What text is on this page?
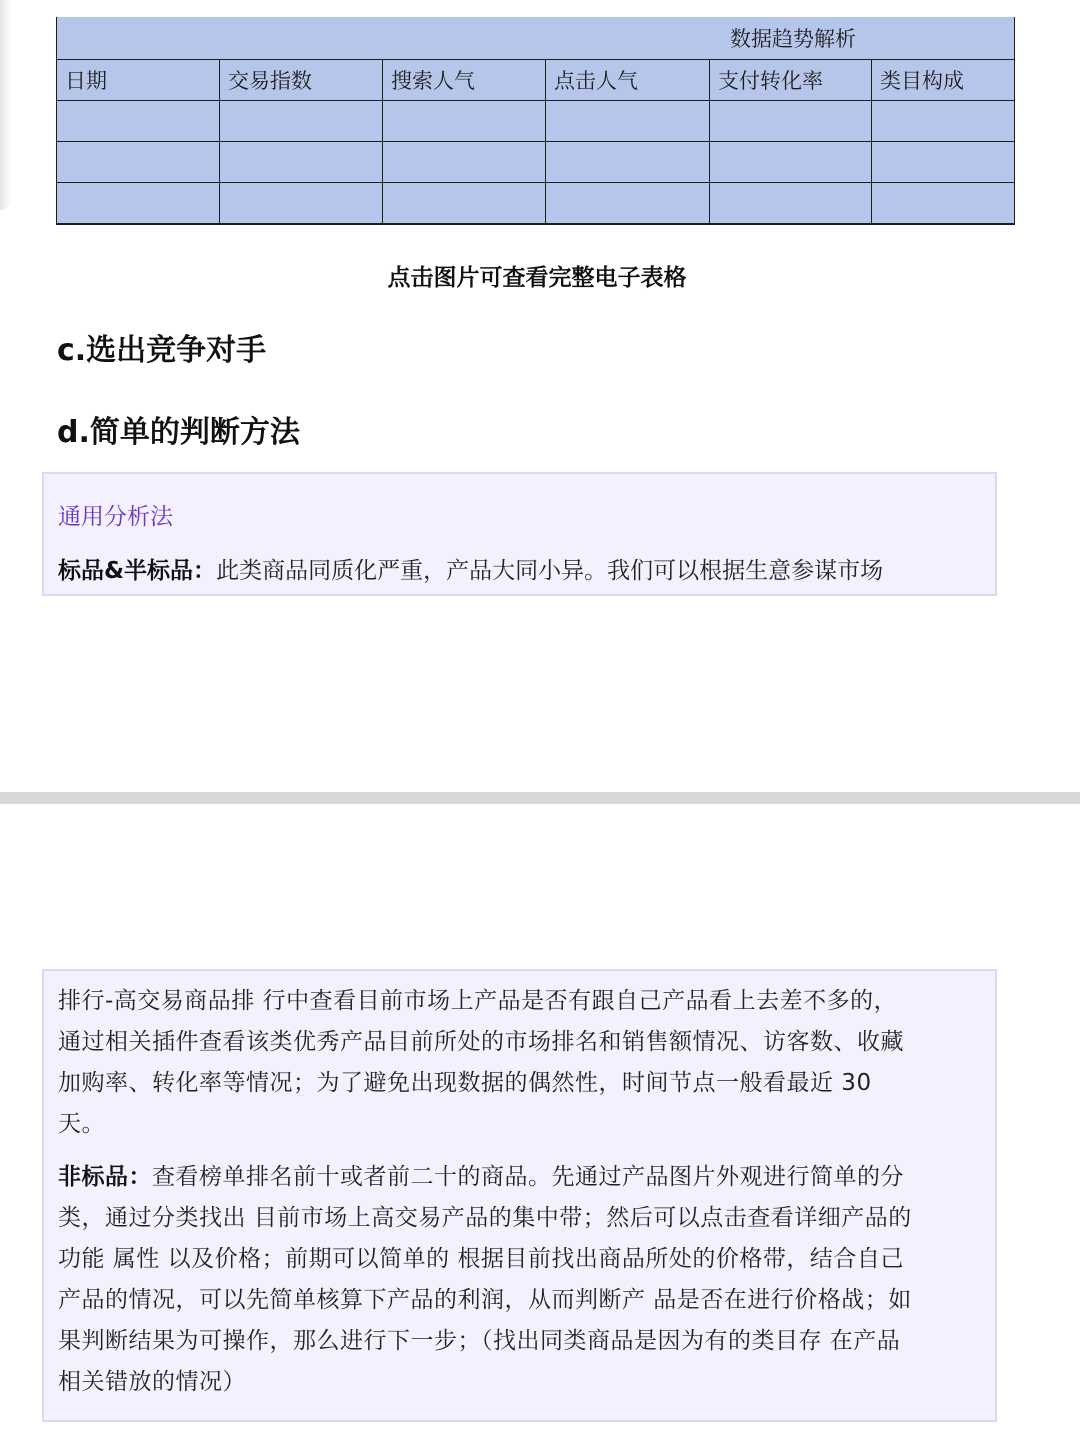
数据趋势解析					
日期	交易指数	搜索人气	点击人气	支付转化率	类目构成

点击图片可查看完整电子表格
c.选出竞争对手
d.简单的判断方法
通用分析法
标品&半标品：此类商品同质化严重，产品大同小异。我们可以根据生意参谋市场

排行-高交易商品排 行中查看目前市场上产品是否有跟自己产品看上去差不多的，
通过相关插件查看该类优秀产品目前所处的市场排名和销售额情况、访客数、收藏
加购率、转化率等情况；为了避免出现数据的偶然性，时间节点一般看最近 30
天。

非标品：查看榜单排名前十或者前二十的商品。先通过产品图片外观进行简单的分
类，通过分类找出 目前市场上高交易产品的集中带；然后可以点击查看详细产品的
功能 属性 以及价格；前期可以简单的 根据目前找出商品所处的价格带，结合自己
产品的情况，可以先简单核算下产品的利润，从而判断产 品是否在进行价格战；如
果判断结果为可操作，那么进行下一步；（找出同类商品是因为有的类目存 在产品
相关错放的情况）
